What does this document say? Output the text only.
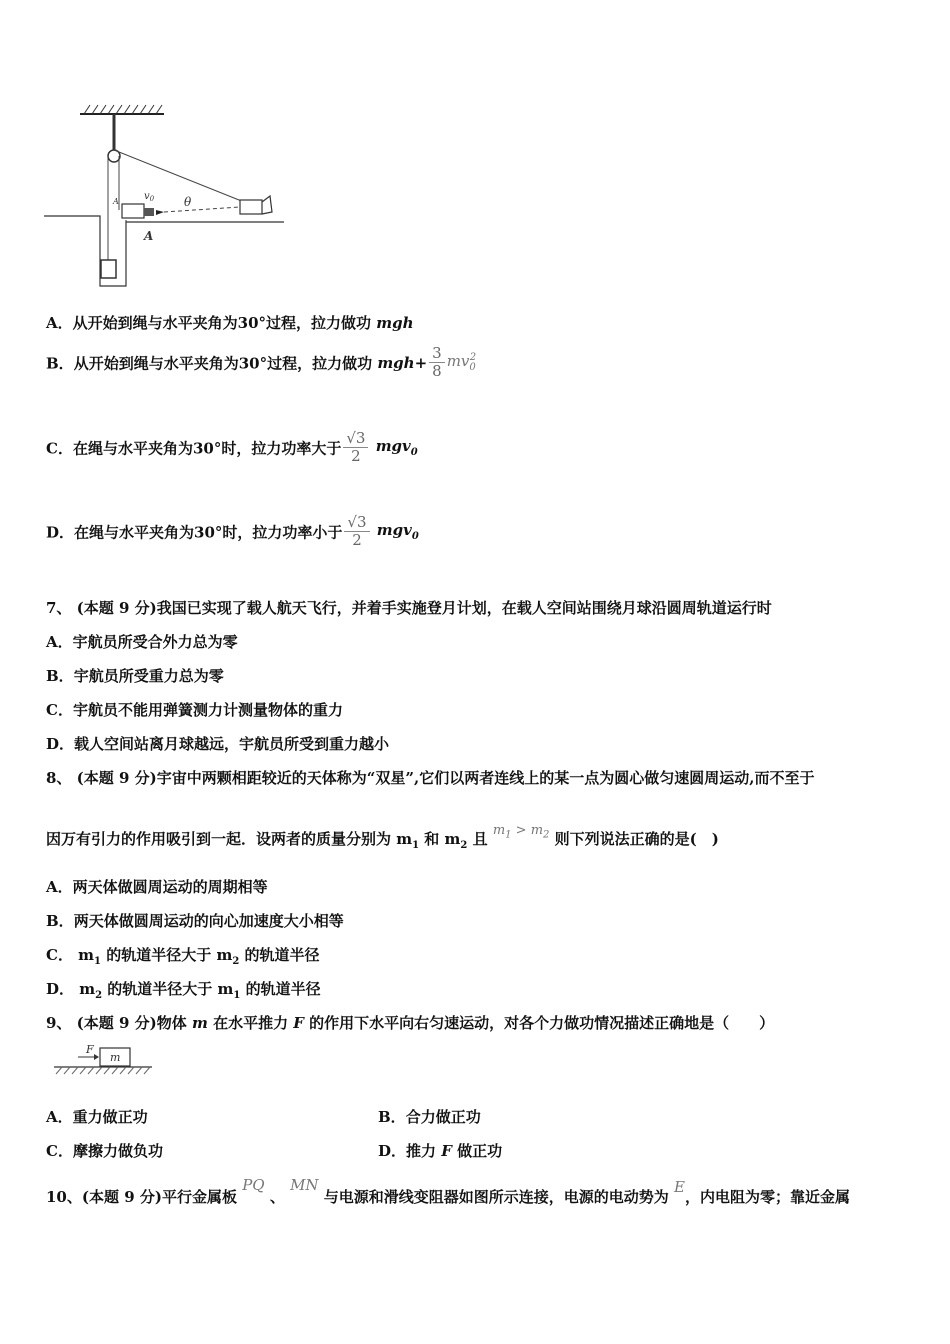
$v_0$ θ
A
A
A．从开始到绳与水平夹角为30°过程，拉力做功 mgh
B．从开始到绳与水平夹角为30°过程，拉力做功 $mgh+ \frac{3}{8} mv_0^2$
C．在绳与水平夹角为30°时，拉力功率大于 $\frac{√3}{2} mgv_0$
D．在绳与水平夹角为30°时，拉力功率小于 $\frac{√3}{2} mgv_0$
7、 (本题 9 分)我国已实现了载人航天飞行，并着手实施登月计划，在载人空间站围绕月球沿圆周轨道运行时
A．宇航员所受合外力总为零
B．宇航员所受重力总为零
C．宇航员不能用弹簧测力计测量物体的重力
D．载人空间站离月球越远，宇航员所受到重力越小
8、 (本题 9 分)宇宙中两颗相距较近的天体称为“双星”,它们以两者连线上的某一点为圆心做匀速圆周运动,而不至于
因万有引力的作用吸引到一起．设两者的质量分别为 $m_1$ 和 $m_2$ 且 $m_1 > m_2$ 则下列说法正确的是(　)
A．两天体做圆周运动的周期相等
B．两天体做圆周运动的向心加速度大小相等
C． $m_1$ 的轨道半径大于 $m_2$ 的轨道半径
D． $m_2$ 的轨道半径大于 $m_1$ 的轨道半径
9、 (本题 9 分)物体 m 在水平推力 F 的作用下水平向右匀速运动，对各个力做功情况描述正确地是（　　）
m
F
A．重力做正功	B．合力做正功
C．摩擦力做负功	D．推力 F 做正功
10、(本题 9 分)平行金属板 PQ 、 MN 与电源和滑线变阻器如图所示连接，电源的电动势为 E，内电阻为零；靠近金属
